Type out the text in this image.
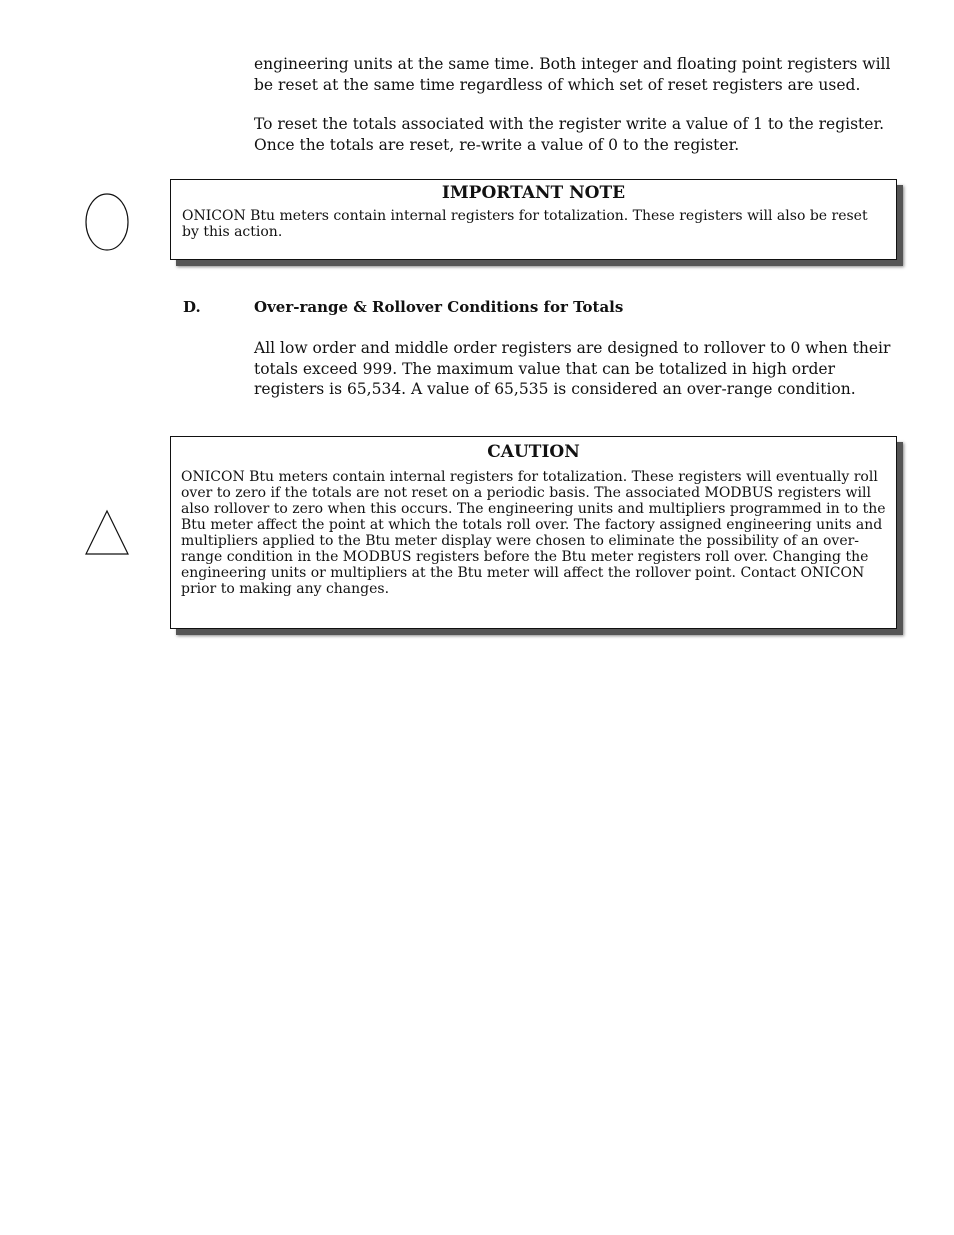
engineering units at the same time. Both integer and floating point registers will be reset at the same time regardless of which set of reset registers are used.

To reset the totals associated with the register write a value of 1 to the register. Once the totals are reset, re-write a value of 0 to the register.

IMPORTANT NOTE

ONICON Btu meters contain internal registers for totalization. These registers will also be reset by this action.

D.	Over-range & Rollover Conditions for Totals

All low order and middle order registers are designed to rollover to 0 when their totals exceed 999. The maximum value that can be totalized in high order registers is 65,534. A value of 65,535 is considered an over-range condition.

CAUTION

ONICON Btu meters contain internal registers for totalization. These registers will eventually roll over to zero if the totals are not reset on a periodic basis. The associated MODBUS registers will also rollover to zero when this occurs. The engineering units and multipliers programmed in to the Btu meter affect the point at which the totals roll over. The factory assigned engineering units and multipliers applied to the Btu meter display were chosen to eliminate the possibility of an over-range condition in the MODBUS registers before the Btu meter registers roll over. Changing the engineering units or multipliers at the Btu meter will affect the rollover point. Contact ONICON prior to making any changes.
